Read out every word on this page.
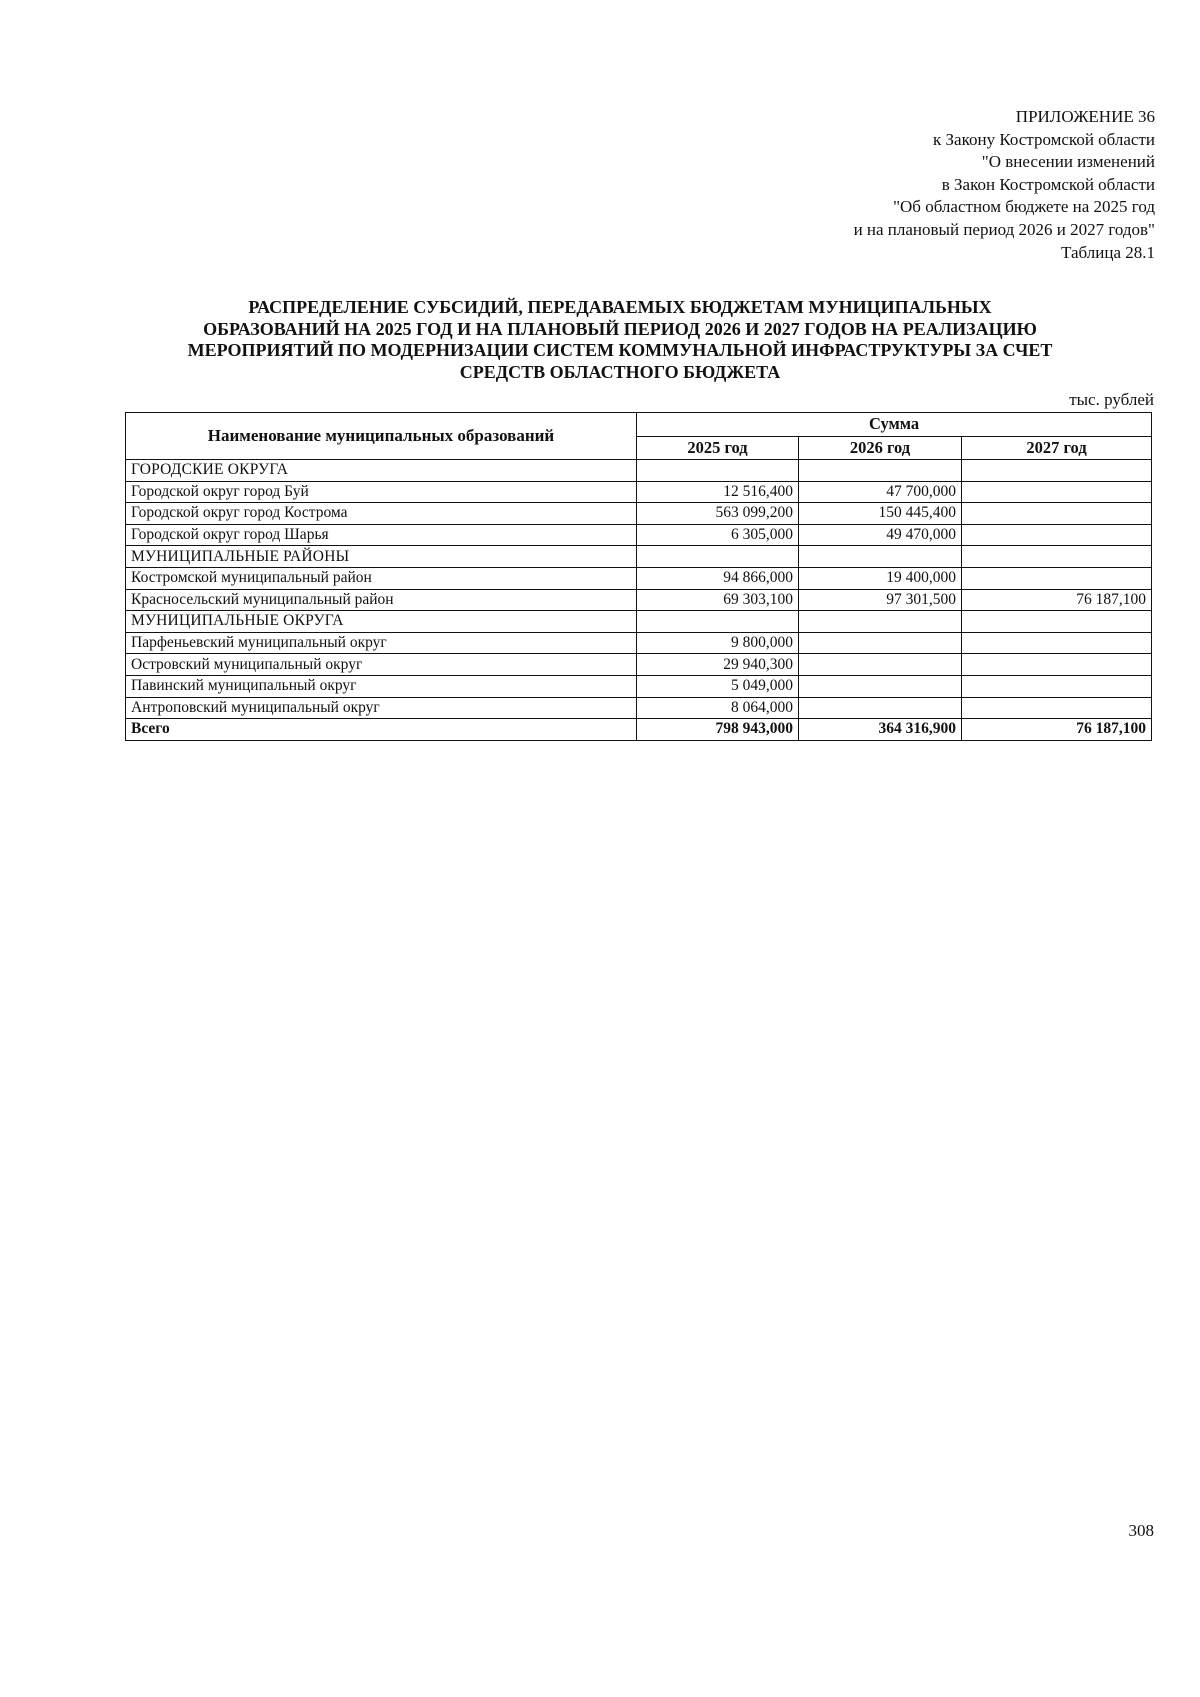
ПРИЛОЖЕНИЕ 36
к Закону Костромской области
"О внесении изменений
в Закон Костромской области
"Об областном бюджете на 2025 год
и на плановый период 2026 и 2027 годов"
Таблица 28.1
РАСПРЕДЕЛЕНИЕ СУБСИДИЙ, ПЕРЕДАВАЕМЫХ БЮДЖЕТАМ МУНИЦИПАЛЬНЫХ
ОБРАЗОВАНИЙ НА 2025 ГОД И НА ПЛАНОВЫЙ ПЕРИОД 2026 И 2027 ГОДОВ НА РЕАЛИЗАЦИЮ
МЕРОПРИЯТИЙ ПО МОДЕРНИЗАЦИИ СИСТЕМ КОММУНАЛЬНОЙ ИНФРАСТРУКТУРЫ ЗА СЧЕТ
СРЕДСТВ ОБЛАСТНОГО БЮДЖЕТА
тыс. рублей
Наименование муниципальных образований	Сумма		
	2025 год	2026 год	2027 год
ГОРОДСКИЕ ОКРУГА			
Городской округ город Буй	12 516,400	47 700,000	
Городской округ город Кострома	563 099,200	150 445,400	
Городской округ город Шарья	6 305,000	49 470,000	
МУНИЦИПАЛЬНЫЕ РАЙОНЫ			
Костромской муниципальный район	94 866,000	19 400,000	
Красносельский муниципальный район	69 303,100	97 301,500	76 187,100
МУНИЦИПАЛЬНЫЕ ОКРУГА			
Парфеньевский муниципальный округ	9 800,000		
Островский муниципальный округ	29 940,300		
Павинский муниципальный округ	5 049,000		
Антроповский муниципальный округ	8 064,000		
Всего	798 943,000	364 316,900	76 187,100
308
